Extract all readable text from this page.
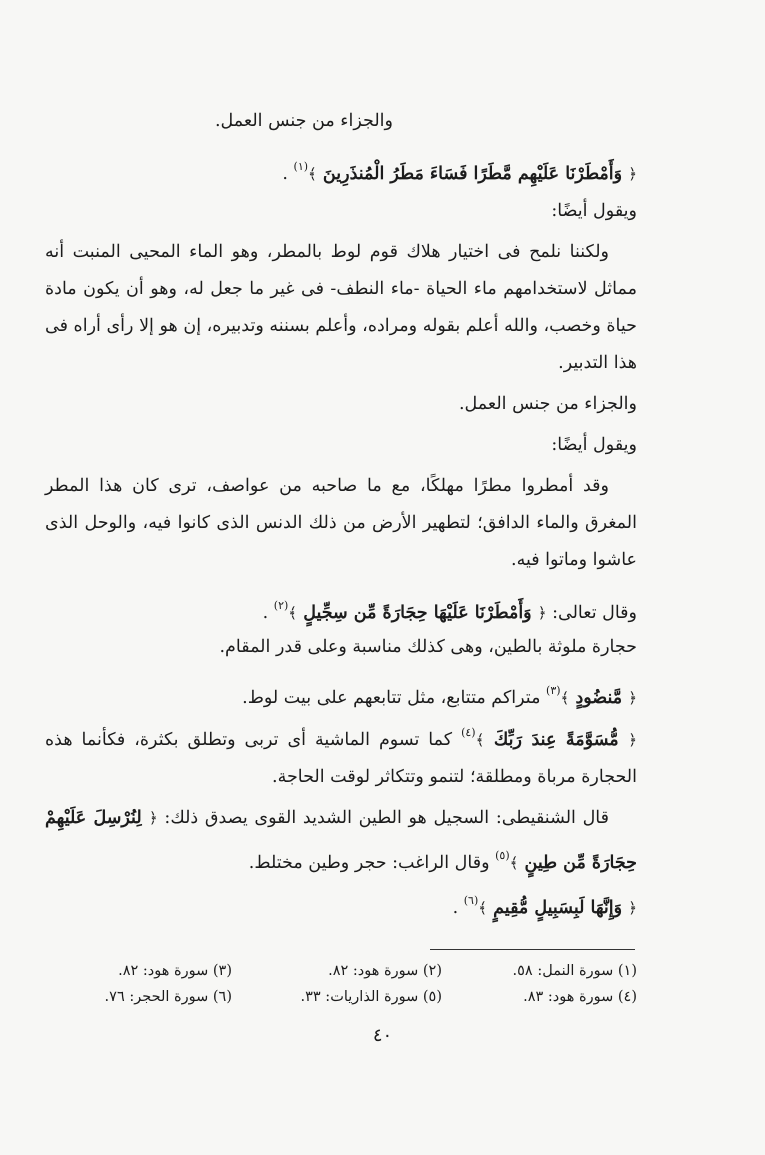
والجزاء من جنس العمل.

﴿ وَأَمْطَرْنَا عَلَيْهِم مَّطَرًا فَسَاءَ مَطَرُ الْمُنذَرِينَ ﴾$^{(١)}$ .

ويقول أيضًا:

ولكننا نلمح فى اختيار هلاك قوم لوط بالمطر، وهو الماء المحيى المنبت أنه مماثل لاستخدامهم ماء الحياة -ماء النطف- فى غير ما جعل له، وهو أن يكون مادة حياة وخصب، والله أعلم بقوله ومراده، وأعلم بسننه وتدبيره، إن هو إلا رأى أراه فى هذا التدبير.

والجزاء من جنس العمل.

ويقول أيضًا:

وقد أمطروا مطرًا مهلكًا، مع ما صاحبه من عواصف، ترى كان هذا المطر المغرق والماء الدافق؛ لتطهير الأرض من ذلك الدنس الذى كانوا فيه، والوحل الذى عاشوا وماتوا فيه.

وقال تعالى: ﴿ وَأَمْطَرْنَا عَلَيْهَا حِجَارَةً مِّن سِجِّيلٍ ﴾$^{(٢)}$ .

حجارة ملوثة بالطين، وهى كذلك مناسبة وعلى قدر المقام.

﴿ مَّنضُودٍ ﴾$^{(٣)}$ متراكم متتابع، مثل تتابعهم على بيت لوط.

﴿ مُّسَوَّمَةً عِندَ رَبِّكَ ﴾$^{(٤)}$ كما تسوم الماشية أى تربى وتطلق بكثرة، فكأنما هذه الحجارة مرباة ومطلقة؛ لتنمو وتتكاثر لوقت الحاجة.

قال الشنقيطى: السجيل هو الطين الشديد القوى يصدق ذلك: ﴿ لِنُرْسِلَ عَلَيْهِمْ حِجَارَةً مِّن طِينٍ ﴾$^{(٥)}$ وقال الراغب: حجر وطين مختلط.

﴿ وَإِنَّهَا لَبِسَبِيلٍ مُّقِيمٍ ﴾$^{(٦)}$ .

(١) سورة النمل: ٥٨.
(٢) سورة هود: ٨٢.
(٣) سورة هود: ٨٢.
(٤) سورة هود: ٨٣.
(٥) سورة الذاريات: ٣٣.
(٦) سورة الحجر: ٧٦.
٤٠
